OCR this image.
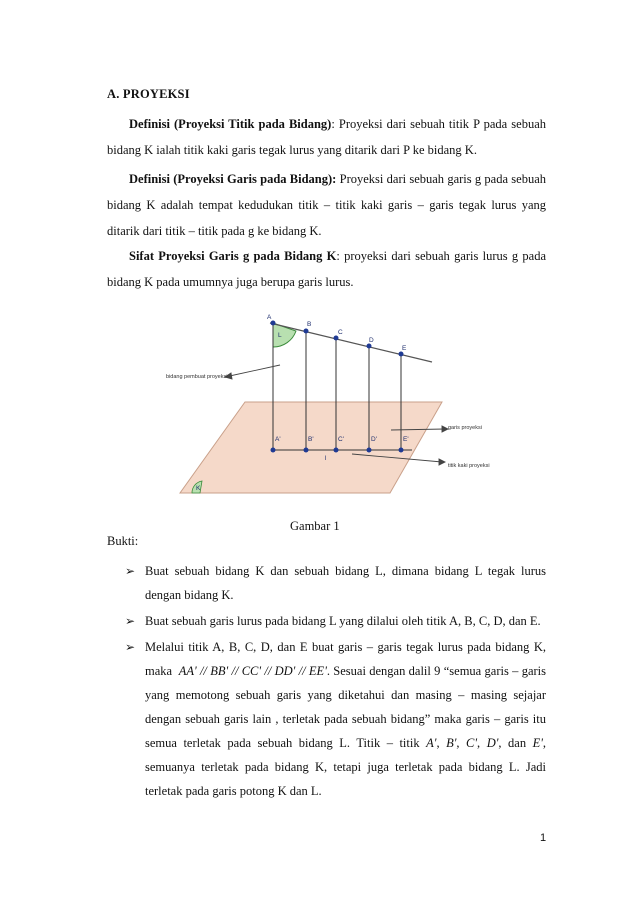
A. PROYEKSI
Definisi (Proyeksi Titik pada Bidang): Proyeksi dari sebuah titik P pada sebuah bidang K ialah titik kaki garis tegak lurus yang ditarik dari P ke bidang K.
Definisi (Proyeksi Garis pada Bidang): Proyeksi dari sebuah garis g pada sebuah bidang K adalah tempat kedudukan titik – titik kaki garis – garis tegak lurus yang ditarik dari titik – titik pada g ke bidang K.
Sifat Proyeksi Garis g pada Bidang K: proyeksi dari sebuah garis lurus g pada bidang K pada umumnya juga berupa garis lurus.
A
B
C
D
E
A'	B'	C'	D'	E'
L
K
l
bidang pembuat proyeksi
garis proyeksi
titik kaki proyeksi
Gambar 1
Bukti:
➢ Buat sebuah bidang K dan sebuah bidang L, dimana bidang L tegak lurus dengan bidang K.
➢ Buat sebuah garis lurus pada bidang L yang dilalui oleh titik A, B, C, D, dan E.
➢ Melalui titik A, B, C, D, dan E buat garis – garis tegak lurus pada bidang K, maka AA' // BB' // CC' // DD' // EE'. Sesuai dengan dalil 9 “semua garis – garis yang memotong sebuah garis yang diketahui dan masing – masing sejajar dengan sebuah garis lain , terletak pada sebuah bidang” maka garis – garis itu semua terletak pada sebuah bidang L. Titik – titik A', B', C', D', dan E', semuanya terletak pada bidang K, tetapi juga terletak pada bidang L. Jadi terletak pada garis potong K dan L.
1
